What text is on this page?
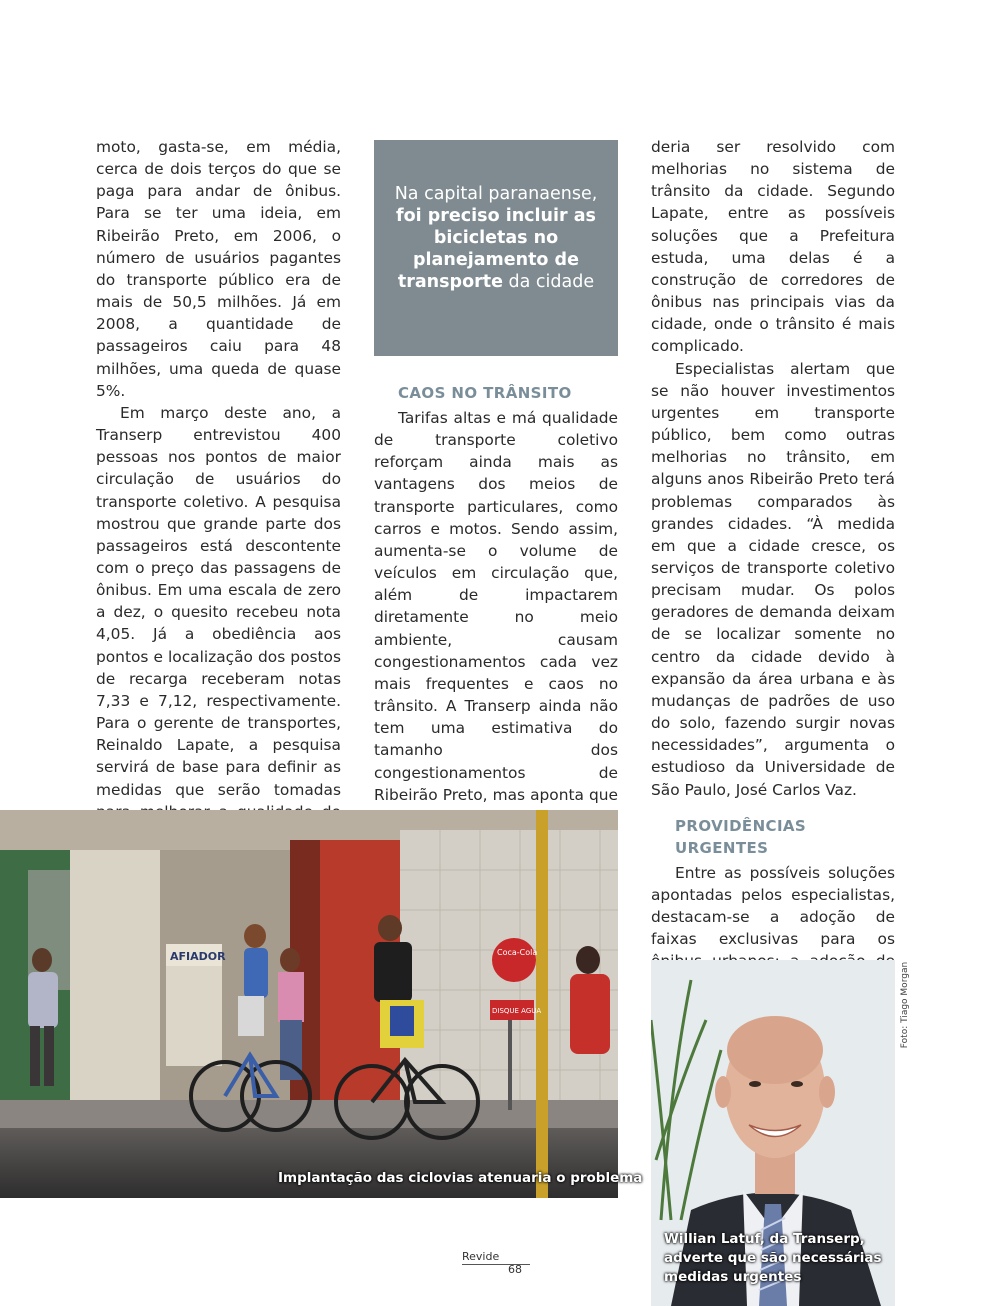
moto, gasta-se, em média, cerca de dois terços do que se paga para andar de ônibus. Para se ter uma ideia, em Ribeirão Preto, em 2006, o número de usuários pagantes do transporte público era de mais de 50,5 milhões. Já em 2008, a quantidade de passageiros caiu para 48 milhões, uma queda de quase 5%.

Em março deste ano, a Transerp entrevistou 400 pessoas nos pontos de maior circulação de usuários do transporte coletivo. A pesquisa mostrou que grande parte dos passageiros está descontente com o preço das passagens de ônibus. Em uma escala de zero a dez, o quesito recebeu nota 4,05. Já a obediência aos pontos e localização dos postos de recarga receberam notas 7,33 e 7,12, respectivamente. Para o gerente de transportes, Reinaldo Lapate, a pesquisa servirá de base para definir as medidas que serão tomadas

Na capital paranaense, foi preciso incluir as bicicletas no planejamento de transporte da cidade
CAOS NO TRÂNSITO

Tarifas altas e má qualidade de transporte coletivo reforçam ainda mais as vantagens dos meios de transporte particulares, como carros e motos. Sendo assim, aumenta-se o volume de veículos em circulação que, além de impactarem diretamente no meio ambiente, causam congestionamentos cada vez mais frequentes e caos no trânsito. A Transerp ainda não tem uma estimativa do tamanho dos congestionamentos de Ribeirão Preto, mas aponta que

deria ser resolvido com melhorias no sistema de trânsito da cidade. Segundo Lapate, entre as possíveis soluções que a Prefeitura estuda, uma delas é a construção de corredores de ônibus nas principais vias da cidade, onde o trânsito é mais complicado.

Especialistas alertam que se não houver investimentos urgentes em transporte público, bem como outras melhorias no trânsito, em alguns anos Ribeirão Preto terá problemas comparados às grandes cidades. “À medida em que a cidade cresce, os serviços de transporte coletivo precisam mudar. Os polos geradores de demanda deixam de se localizar somente no centro da cidade devido à expansão da área urbana e às mudanças de padrões de uso do solo, fazendo surgir novas necessidades”, argumenta o estudioso da Universidade de São Paulo, José Carlos Vaz.

PROVIDÊNCIAS URGENTES

Entre as possíveis soluções apontadas pelos especialistas, destacam-se a adoção de faixas exclusivas para os

AFIADOR	Coca-Cola
DISQUE AGUA
Implantação das ciclovias atenuaria o problema
Willian Latuf, da Transerp, adverte que são necessárias medidas urgentes
Foto: Tiago Morgan
Revide
68
